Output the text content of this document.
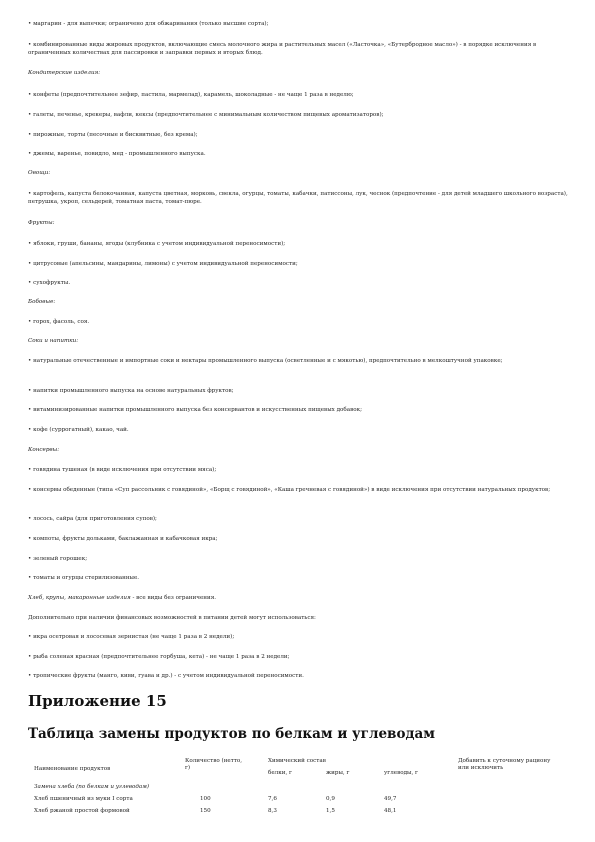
• маргарин - для выпечки; ограничено для обжаривания (только высшие сорта);
• комбинированные виды жировых продуктов, включающие смесь молочного жира и растительных масел («Ласточка», «Бутербродное масло») - в порядке исключения в ограниченных количествах для пассировки и заправки первых и вторых блюд.
Кондитерские изделия:
• конфеты (предпочтительнее зефир, пастила, мармелад), карамель, шоколадные - не чаще 1 раза в неделю;
• галеты, печенье, крекеры, вафли, кексы (предпочтительнее с минимальным количеством пищевых ароматизаторов);
• пирожные, торты (песочные и бисквитные, без крема);
• джемы, варенье, повидло, мед - промышленного выпуска.
Овощи:
• картофель, капуста белокочанная, капуста цветная, морковь, свекла, огурцы, томаты, кабачки, патиссоны, лук, чеснок (предпочтение - для детей младшего школьного возраста), петрушка, укроп, сельдерей, томатная паста, томат-пюре.
Фрукты:
• яблоки, груши, бананы, ягоды (клубника с учетом индивидуальной переносимости);
• цитрусовые (апельсины, мандарины, лимоны) с учетом индивидуальной переносимости;
• сухофрукты.
Бобовые:
• горох, фасоль, соя.
Соки и напитки:
• натуральные отечественные и импортные соки и нектары промышленного выпуска (осветленные и с мякотью), предпочтительно в мелкоштучной упаковке;
• напитки промышленного выпуска на основе натуральных фруктов;
• витаминизированные напитки промышленного выпуска без консервантов и искусственных пищевых добавок;
• кофе (суррогатный), какао, чай.
Консервы:
• говядина тушеная (в виде исключения при отсутствии мяса);
• консервы обеденные (типа «Суп рассольник с говядиной», «Борщ с говядиной», «Каша гречневая с говядиной») в виде исключения при отсутствии натуральных продуктов;
• лосось, сайра (для приготовления супов);
• компоты, фрукты дольками, баклажанная и кабачковая икра;
• зеленый горошек;
• томаты и огурцы стерилизованные.
Хлеб, крупы, макаронные изделия - все виды без ограничения.
Дополнительно при наличии финансовых возможностей в питании детей могут использоваться:
• икра осетровая и лососевая зернистая (не чаще 1 раза в 2 недели);
• рыба соленая красная (предпочтительнее горбуша, кета) - не чаще 1 раза в 2 недели;
• тропические фрукты (манго, киви, гуава и др.) - с учетом индивидуальной переносимости.
Приложение 15
Таблица замены продуктов по белкам и углеводам
Наименование продуктов
Количество (нетто, г)
Химический состав
белки, г	жиры, г	углеводы, г
Добавить к суточному рациону или исключить
Замена хлеба (по белкам и углеводам)
Хлеб пшеничный из муки I сорта	100	7,6	0,9	49,7
Хлеб ржаной простой формовой	150	8,3	1,5	48,1
